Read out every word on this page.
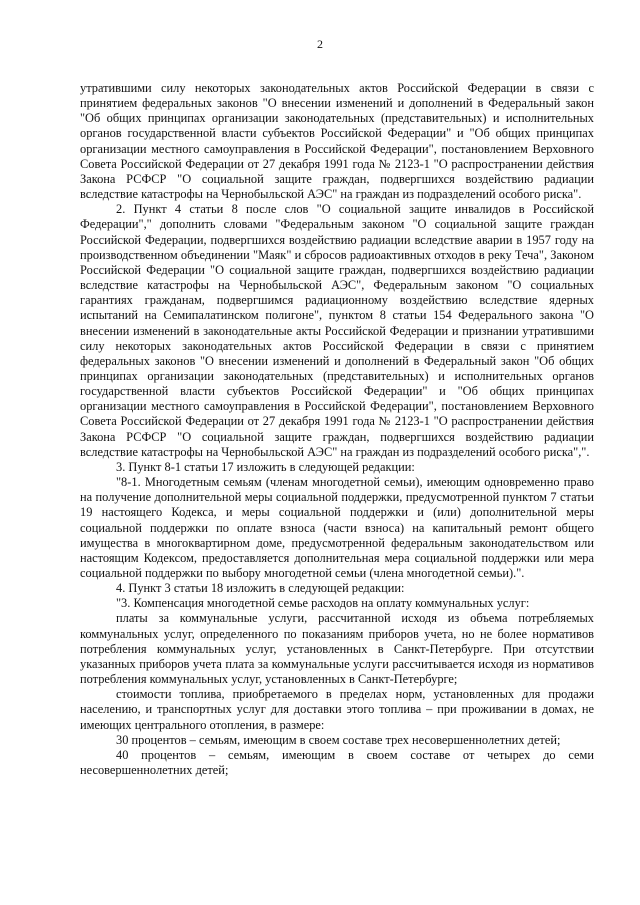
2

утратившими силу некоторых законодательных актов Российской Федерации в связи с принятием федеральных законов "О внесении изменений и дополнений в Федеральный закон "Об общих принципах организации законодательных (представительных) и исполнительных органов государственной власти субъектов Российской Федерации" и "Об общих принципах организации местного самоуправления в Российской Федерации", постановлением Верховного Совета Российской Федерации от 27 декабря 1991 года № 2123-1 "О распространении действия Закона РСФСР "О социальной защите граждан, подвергшихся воздействию радиации вследствие катастрофы на Чернобыльской АЭС" на граждан из подразделений особого риска".

2. Пункт 4 статьи 8 после слов "О социальной защите инвалидов в Российской Федерации"," дополнить словами "Федеральным законом "О социальной защите граждан Российской Федерации, подвергшихся воздействию радиации вследствие аварии в 1957 году на производственном объединении "Маяк" и сбросов радиоактивных отходов в реку Теча", Законом Российской Федерации "О социальной защите граждан, подвергшихся воздействию радиации вследствие катастрофы на Чернобыльской АЭС", Федеральным законом "О социальных гарантиях гражданам, подвергшимся радиационному воздействию вследствие ядерных испытаний на Семипалатинском полигоне", пунктом 8 статьи 154 Федерального закона "О внесении изменений в законодательные акты Российской Федерации и признании утратившими силу некоторых законодательных актов Российской Федерации в связи с принятием федеральных законов "О внесении изменений и дополнений в Федеральный закон "Об общих принципах организации законодательных (представительных) и исполнительных органов государственной власти субъектов Российской Федерации" и "Об общих принципах организации местного самоуправления в Российской Федерации", постановлением Верховного Совета Российской Федерации от 27 декабря 1991 года № 2123-1 "О распространении действия Закона РСФСР "О социальной защите граждан, подвергшихся воздействию радиации вследствие катастрофы на Чернобыльской АЭС" на граждан из подразделений особого риска",".

3. Пункт 8-1 статьи 17 изложить в следующей редакции:

"8-1. Многодетным семьям (членам многодетной семьи), имеющим одновременно право на получение дополнительной меры социальной поддержки, предусмотренной пунктом 7 статьи 19 настоящего Кодекса, и меры социальной поддержки и (или) дополнительной меры социальной поддержки по оплате взноса (части взноса) на капитальный ремонт общего имущества в многоквартирном доме, предусмотренной федеральным законодательством или настоящим Кодексом, предоставляется дополнительная мера социальной поддержки или мера социальной поддержки по выбору многодетной семьи (члена многодетной семьи).".

4. Пункт 3 статьи 18 изложить в следующей редакции:

"3. Компенсация многодетной семье расходов на оплату коммунальных услуг:

платы за коммунальные услуги, рассчитанной исходя из объема потребляемых коммунальных услуг, определенного по показаниям приборов учета, но не более нормативов потребления коммунальных услуг, установленных в Санкт-Петербурге. При отсутствии указанных приборов учета плата за коммунальные услуги рассчитывается исходя из нормативов потребления коммунальных услуг, установленных в Санкт-Петербурге;

стоимости топлива, приобретаемого в пределах норм, установленных для продажи населению, и транспортных услуг для доставки этого топлива – при проживании в домах, не имеющих центрального отопления, в размере:

30 процентов – семьям, имеющим в своем составе трех несовершеннолетних детей;

40 процентов – семьям, имеющим в своем составе от четырех до семи несовершеннолетних детей;
